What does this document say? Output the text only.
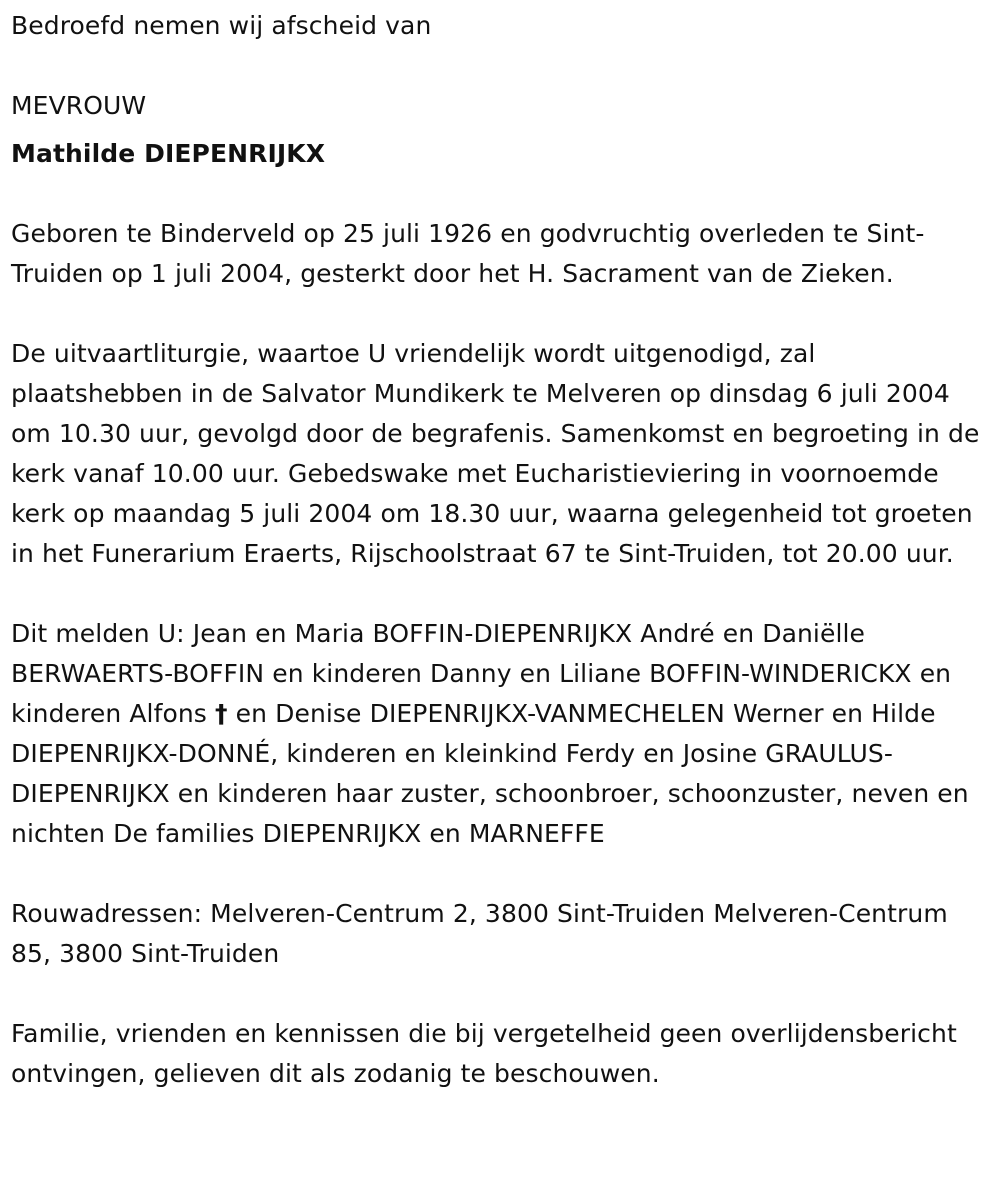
Bedroefd nemen wij afscheid van

MEVROUW

Mathilde DIEPENRIJKX

Geboren te Binderveld op 25 juli 1926 en godvruchtig overleden te Sint-Truiden op 1 juli 2004, gesterkt door het H. Sacrament van de Zieken.

De uitvaartliturgie, waartoe U vriendelijk wordt uitgenodigd, zal plaatshebben in de Salvator Mundikerk te Melveren op dinsdag 6 juli 2004 om 10.30 uur, gevolgd door de begrafenis. Samenkomst en begroeting in de kerk vanaf 10.00 uur. Gebedswake met Eucharistieviering in voornoemde kerk op maandag 5 juli 2004 om 18.30 uur, waarna gelegenheid tot groeten in het Funerarium Eraerts, Rijschoolstraat 67 te Sint-Truiden, tot 20.00 uur.

Dit melden U: Jean en Maria BOFFIN-DIEPENRIJKX André en Daniëlle BERWAERTS-BOFFIN en kinderen Danny en Liliane BOFFIN-WINDERICKX en kinderen Alfons † en Denise DIEPENRIJKX-VANMECHELEN Werner en Hilde DIEPENRIJKX-DONNÉ, kinderen en kleinkind Ferdy en Josine GRAULUS-DIEPENRIJKX en kinderen haar zuster, schoonbroer, schoonzuster, neven en nichten De families DIEPENRIJKX en MARNEFFE

Rouwadressen: Melveren-Centrum 2, 3800 Sint-Truiden Melveren-Centrum 85, 3800 Sint-Truiden

Familie, vrienden en kennissen die bij vergetelheid geen overlijdensbericht ontvingen, gelieven dit als zodanig te beschouwen.
